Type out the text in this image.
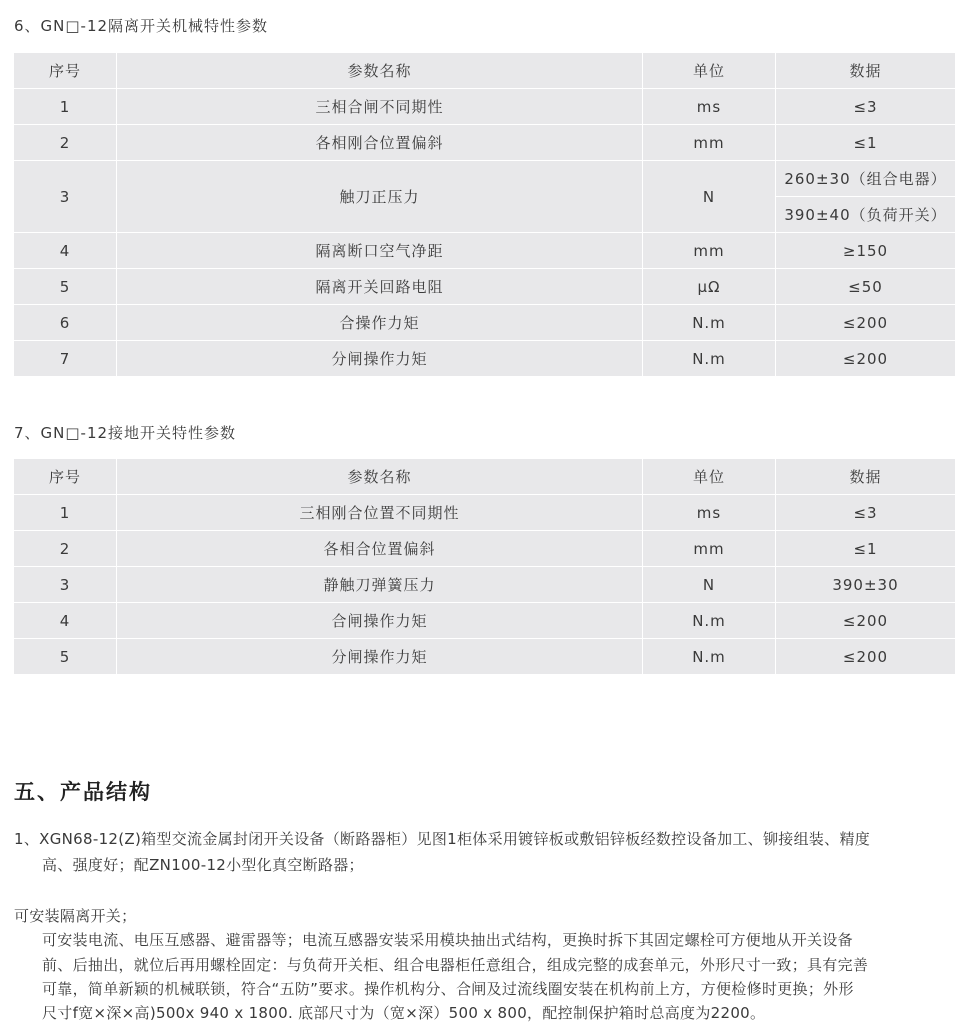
6、GN□-12隔离开关机械特性参数
序号	参数名称	单位	数据
1	三相合闸不同期性	ms	≤3
2	各相刚合位置偏斜	mm	≤1
3	触刀正压力	N	260±30（组合电器）
			390±40（负荷开关）
4	隔离断口空气净距	mm	≥150
5	隔离开关回路电阻	μΩ	≤50
6	合操作力矩	N.m	≤200
7	分闸操作力矩	N.m	≤200
7、GN□-12接地开关特性参数
序号	参数名称	单位	数据
1	三相刚合位置不同期性	ms	≤3
2	各相合位置偏斜	mm	≤1
3	静触刀弹簧压力	N	390±30
4	合闸操作力矩	N.m	≤200
5	分闸操作力矩	N.m	≤200
五、产品结构
1、XGN68-12(Z)箱型交流金属封闭开关设备（断路器柜）见图1柜体采用镀锌板或敷铝锌板经数控设备加工、铆接组装、精度
高、强度好；配ZN100-12小型化真空断路器；
可安装隔离开关；
可安装电流、电压互感器、避雷器等；电流互感器安装采用模块抽出式结构，更换时拆下其固定螺栓可方便地从开关设备
前、后抽出，就位后再用螺栓固定：与负荷开关柜、组合电器柜任意组合，组成完整的成套单元，外形尺寸一致；具有完善
可靠，简单新颖的机械联锁，符合“五防”要求。操作机构分、合闸及过流线圈安装在机构前上方，方便检修时更换；外形
尺寸f宽×深×高)500x 940 x 1800. 底部尺寸为（宽×深）500 x 800，配控制保护箱时总高度为2200。
